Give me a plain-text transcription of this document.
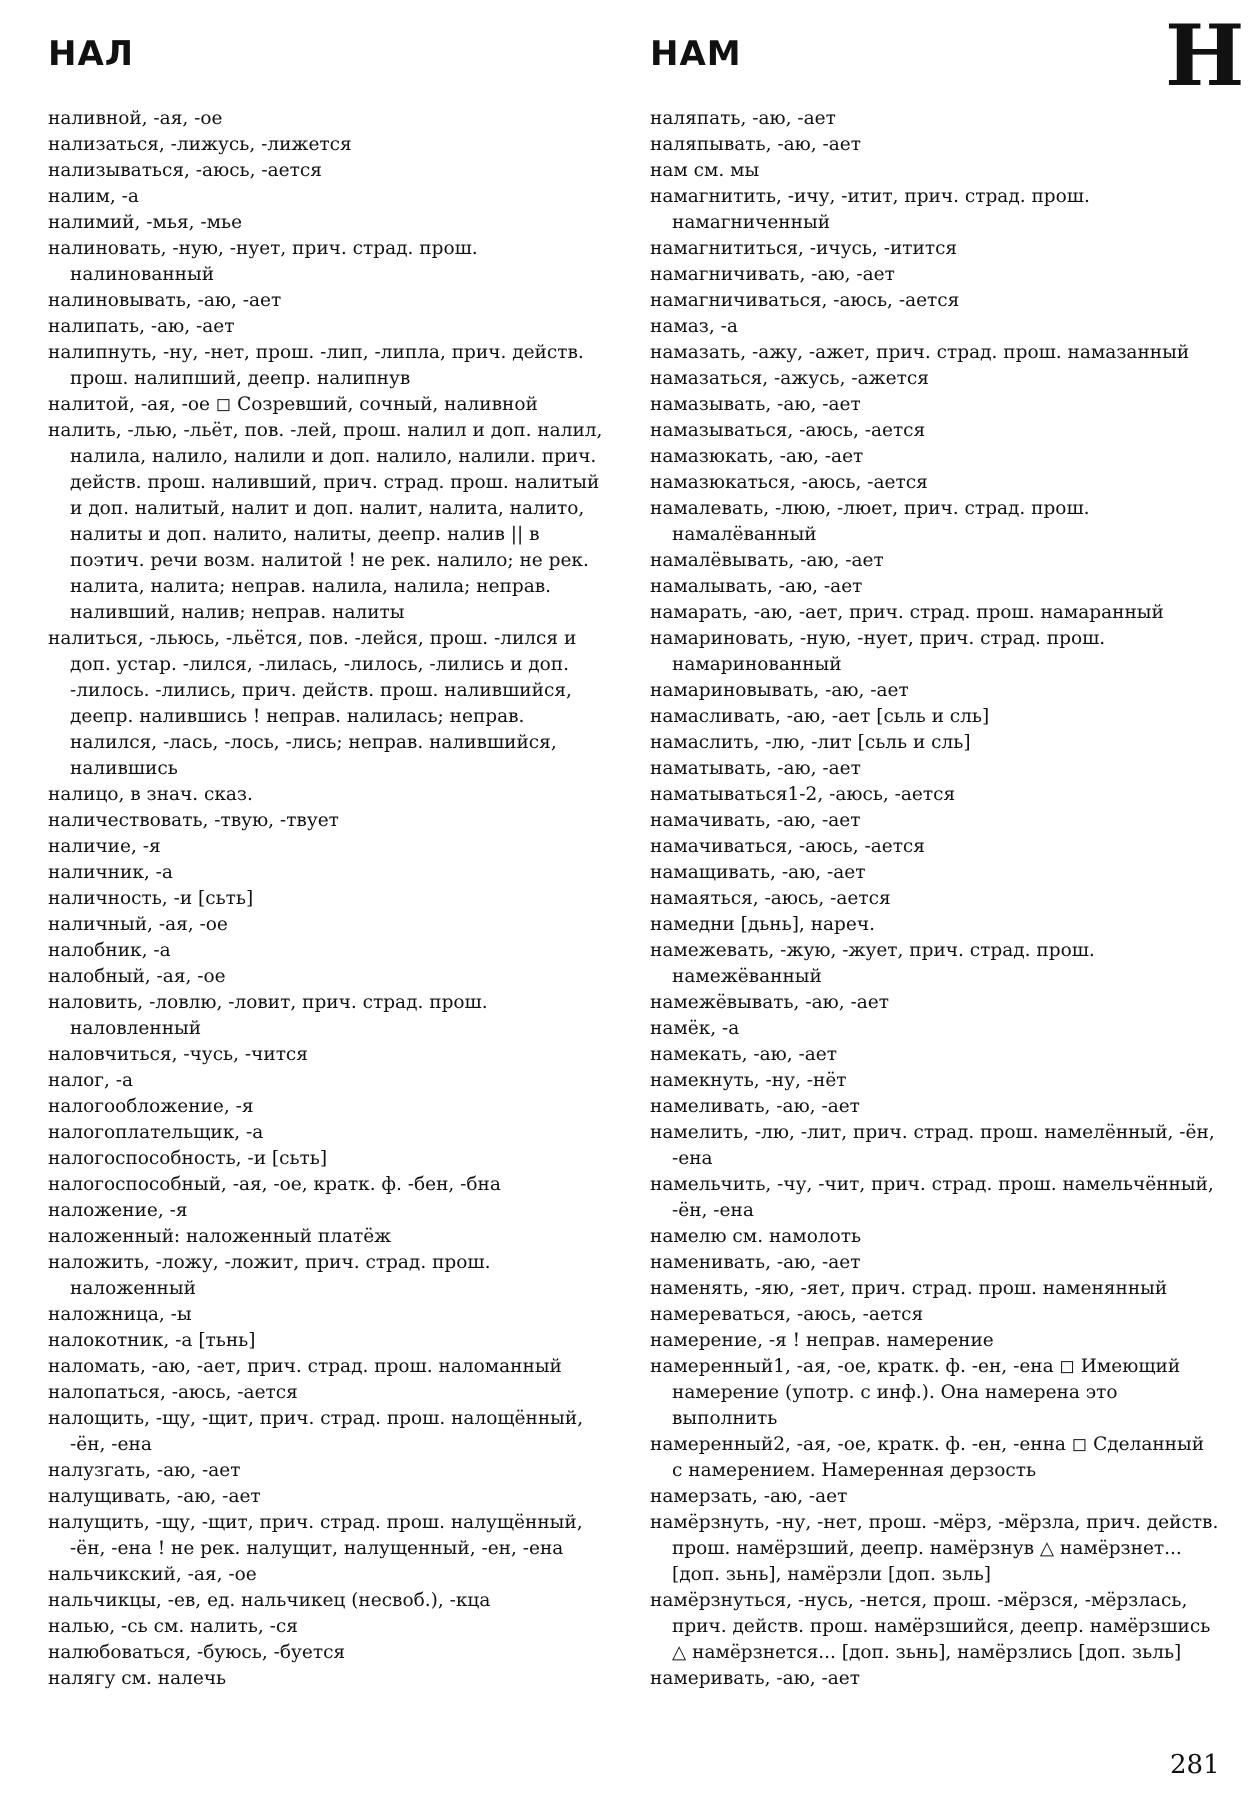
НАЛ	НАМ	Н

наливной, -ая, -ое

нализаться, -лижусь, -лижется

нализываться, -аюсь, -ается

налим, -а

налимий, -мья, -мье

налиновать, -ную, -нует, прич. страд. прош. налинованный

налиновывать, -аю, -ает

налипать, -аю, -ает

налипнуть, -ну, -нет, прош. -лип, -липла, прич. действ. прош. налипший, деепр. налипнув

налитой, -ая, -ое ◻ Созревший, сочный, наливной

налить, -лью, -льёт, пов. -лей, прош. налил и доп. налил, налила, налило, налили и доп. налило, налили. прич. действ. прош. наливший, прич. страд. прош. налитый и доп. налитый, налит и доп. налит, налита, налито, налиты и доп. налито, налиты, деепр. налив || в поэтич. речи возм. налитой ! не рек. налило; не рек. налита, налита; неправ. налила, налила; неправ. наливший, налив; неправ. налиты

налиться, -льюсь, -льётся, пов. -лейся, прош. -лился и доп. устар. -лился, -лилась, -лилось, -лились и доп. -лилось. -лились, прич. действ. прош. налившийся, деепр. налившись ! неправ. налилась; неправ. налился, -лась, -лось, -лись; неправ. налившийся, налившись

налицо, в знач. сказ.

наличествовать, -твую, -твует

наличие, -я

наличник, -а

наличность, -и [сьть]

наличный, -ая, -ое

налобник, -а

налобный, -ая, -ое

наловить, -ловлю, -ловит, прич. страд. прош. наловленный

наловчиться, -чусь, -чится

налог, -а

налогообложение, -я

налогоплательщик, -а

налогоспособность, -и [сьть]

налогоспособный, -ая, -ое, кратк. ф. -бен, -бна

наложение, -я

наложенный: наложенный платёж

наложить, -ложу, -ложит, прич. страд. прош. наложенный

наложница, -ы

налокотник, -а [тьнь]

наломать, -аю, -ает, прич. страд. прош. наломанный

налопаться, -аюсь, -ается

налощить, -щу, -щит, прич. страд. прош. налощённый, -ён, -ена

налузгать, -аю, -ает

налущивать, -аю, -ает

налущить, -щу, -щит, прич. страд. прош. налущённый, -ён, -ена ! не рек. налущит, налущенный, -ен, -ена

нальчикский, -ая, -ое

нальчикцы, -ев, ед. нальчикец (несвоб.), -кца

налью, -сь см. налить, -ся

налюбоваться, -буюсь, -буется

налягу см. налечь

наляпать, -аю, -ает

наляпывать, -аю, -ает

нам см. мы

намагнитить, -ичу, -итит, прич. страд. прош. намагниченный

намагнититься, -ичусь, -итится

намагничивать, -аю, -ает

намагничиваться, -аюсь, -ается

намаз, -а

намазать, -ажу, -ажет, прич. страд. прош. намазанный

намазаться, -ажусь, -ажется

намазывать, -аю, -ает

намазываться, -аюсь, -ается

намазюкать, -аю, -ает

намазюкаться, -аюсь, -ается

намалевать, -люю, -люет, прич. страд. прош. намалёванный

намалёвывать, -аю, -ает

намалывать, -аю, -ает

намарать, -аю, -ает, прич. страд. прош. намаранный

намариновать, -ную, -нует, прич. страд. прош. намаринованный

намариновывать, -аю, -ает

намасливать, -аю, -ает [сьль и сль]

намаслить, -лю, -лит [сьль и сль]

наматывать, -аю, -ает

наматываться1-2, -аюсь, -ается

намачивать, -аю, -ает

намачиваться, -аюсь, -ается

намащивать, -аю, -ает

намаяться, -аюсь, -ается

намедни [дьнь], нареч.

намежевать, -жую, -жует, прич. страд. прош. намежёванный

намежёвывать, -аю, -ает

намёк, -а

намекать, -аю, -ает

намекнуть, -ну, -нёт

намеливать, -аю, -ает

намелить, -лю, -лит, прич. страд. прош. намелённый, -ён, -ена

намельчить, -чу, -чит, прич. страд. прош. намельчённый, -ён, -ена

намелю см. намолоть

наменивать, -аю, -ает

наменять, -яю, -яет, прич. страд. прош. наменянный

намереваться, -аюсь, -ается

намерение, -я ! неправ. намерение

намеренный1, -ая, -ое, кратк. ф. -ен, -ена ◻ Имеющий намерение (употр. с инф.). Она намерена это выполнить

намеренный2, -ая, -ое, кратк. ф. -ен, -енна ◻ Сделанный с намерением. Намеренная дерзость

намерзать, -аю, -ает

намёрзнуть, -ну, -нет, прош. -мёрз, -мёрзла, прич. действ. прош. намёрзший, деепр. намёрзнув △ намёрзнет... [доп. зьнь], намёрзли [доп. зьль]

намёрзнуться, -нусь, -нется, прош. -мёрзся, -мёрзлась, прич. действ. прош. намёрзшийся, деепр. намёрзшись △ намёрзнется... [доп. зьнь], намёрзлись [доп. зьль]

намеривать, -аю, -ает

281
